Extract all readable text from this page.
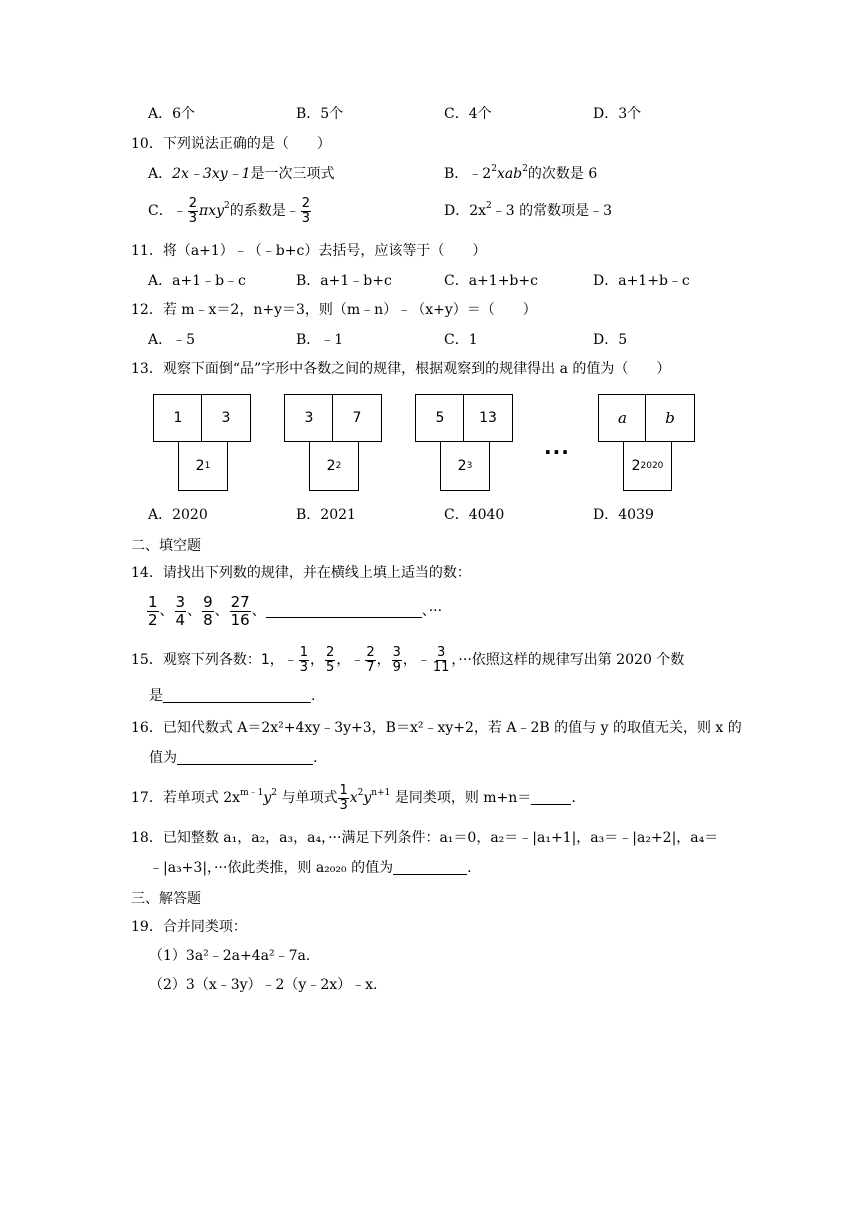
A．6个	B．5个	C．4个	D．3个
10．下列说法正确的是（　　）
A．2x﹣3xy﹣1是一次三项式	B．$﹣2^2xab^2$的次数是 6
C．﹣ $\frac{2}{3} \pi xy^2$的系数是﹣ $\frac{2}{3}$	D．$2x^2﹣3$ 的常数项是﹣3
11．将（a+1）﹣（﹣b+c）去括号，应该等于（　　）
A．a+1﹣b﹣c	B．a+1﹣b+c	C．a+1+b+c	D．a+1+b﹣c
12．若 m﹣x＝2，n+y＝3，则（m﹣n）﹣（x+y）＝（　　）
A．﹣5	B．﹣1	C．1	D．5
13．观察下面倒“品”字形中各数之间的规律，根据观察到的规律得出 a 的值为（　　）
1	3
2 1
3	7
2 2
5	13
2 3
···
a	b
2 2020
A．2020	B．2021	C．4040	D．4039
二、填空题
14．请找出下列数的规律，并在横线上填上适当的数：
$\frac{1}{2}$ 、 $\frac{3}{4}$ 、 $\frac{9}{8}$ 、 $\frac{27}{16}$ 、	、···
15．观察下列各数：1，﹣ $\frac{1}{3}$ ， $\frac{2}{5}$ ，﹣ $\frac{2}{7}$ ， $\frac{3}{9}$ ，﹣ $\frac{3}{11}$ ，···依照这样的规律写出第 2020 个数
是	.
16．已知代数式 A＝2x²+4xy﹣3y+3，B＝x²﹣xy+2，若 A﹣2B 的值与 y 的取值无关，则 x 的
值为	.
17．若单项式 $2x^{m﹣1}y^2$ 与单项式 $\frac{1}{3} x^2y^{n+1}$ 是同类项，则 m+n＝	.
18．已知整数 a₁，a₂，a₃，a₄，···满足下列条件：a₁＝0，a₂＝﹣|a₁+1|，a₃＝﹣|a₂+2|，a₄＝
﹣|a₃+3|，···依此类推，则 a₂₀₂₀ 的值为	.
三、解答题
19．合并同类项：
（1）3a²﹣2a+4a²﹣7a.
（2）3（x﹣3y）﹣2（y﹣2x）﹣x.
